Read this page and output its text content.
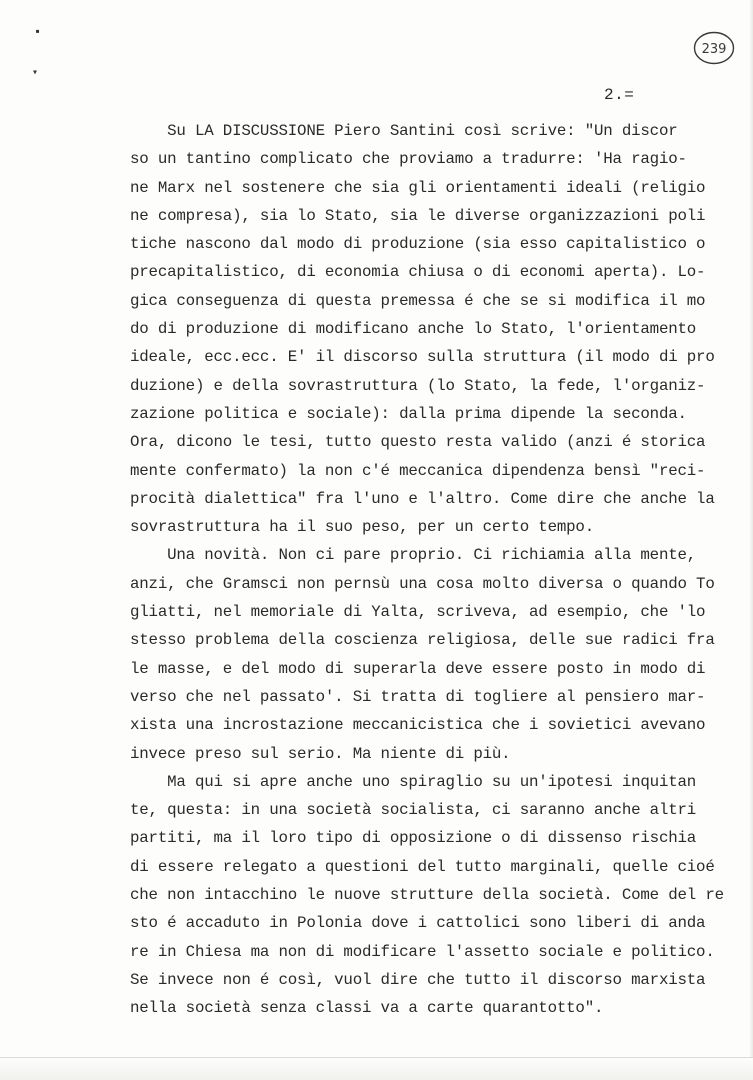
▪
▾
239
2.=
Su LA DISCUSSIONE Piero Santini così scrive: "Un discor
so un tantino complicato che proviamo a tradurre: 'Ha ragio-
ne Marx nel sostenere che sia gli orientamenti ideali (religio
ne compresa), sia lo Stato, sia le diverse organizzazioni poli
tiche nascono dal modo di produzione (sia esso capitalistico o
precapitalistico, di economia chiusa o di economi aperta). Lo-
gica conseguenza di questa premessa é che se si modifica il mo
do di produzione di modificano anche lo Stato, l'orientamento
ideale, ecc.ecc. E' il discorso sulla struttura (il modo di pro
duzione) e della sovrastruttura (lo Stato, la fede, l'organiz-
zazione politica e sociale): dalla prima dipende la seconda.
Ora, dicono le tesi, tutto questo resta valido (anzi é storica
mente confermato) la non c'é meccanica dipendenza bensì "reci-
procità dialettica" fra l'uno e l'altro. Come dire che anche la
sovrastruttura ha il suo peso, per un certo tempo.
Una novità. Non ci pare proprio. Ci richiamia alla mente,
anzi, che Gramsci non pernsù una cosa molto diversa o quando To
gliatti, nel memoriale di Yalta, scriveva, ad esempio, che 'lo
stesso problema della coscienza religiosa, delle sue radici fra
le masse, e del modo di superarla deve essere posto in modo di
verso che nel passato'. Si tratta di togliere al pensiero mar-
xista una incrostazione meccanicistica che i sovietici avevano
invece preso sul serio. Ma niente di più.
Ma qui si apre anche uno spiraglio su un'ipotesi inquitan
te, questa: in una società socialista, ci saranno anche altri
partiti, ma il loro tipo di opposizione o di dissenso rischia
di essere relegato a questioni del tutto marginali, quelle cioé
che non intacchino le nuove strutture della società. Come del re
sto é accaduto in Polonia dove i cattolici sono liberi di anda
re in Chiesa ma non di modificare l'assetto sociale e politico.
Se invece non é così, vuol dire che tutto il discorso marxista
nella società senza classi va a carte quarantotto".
